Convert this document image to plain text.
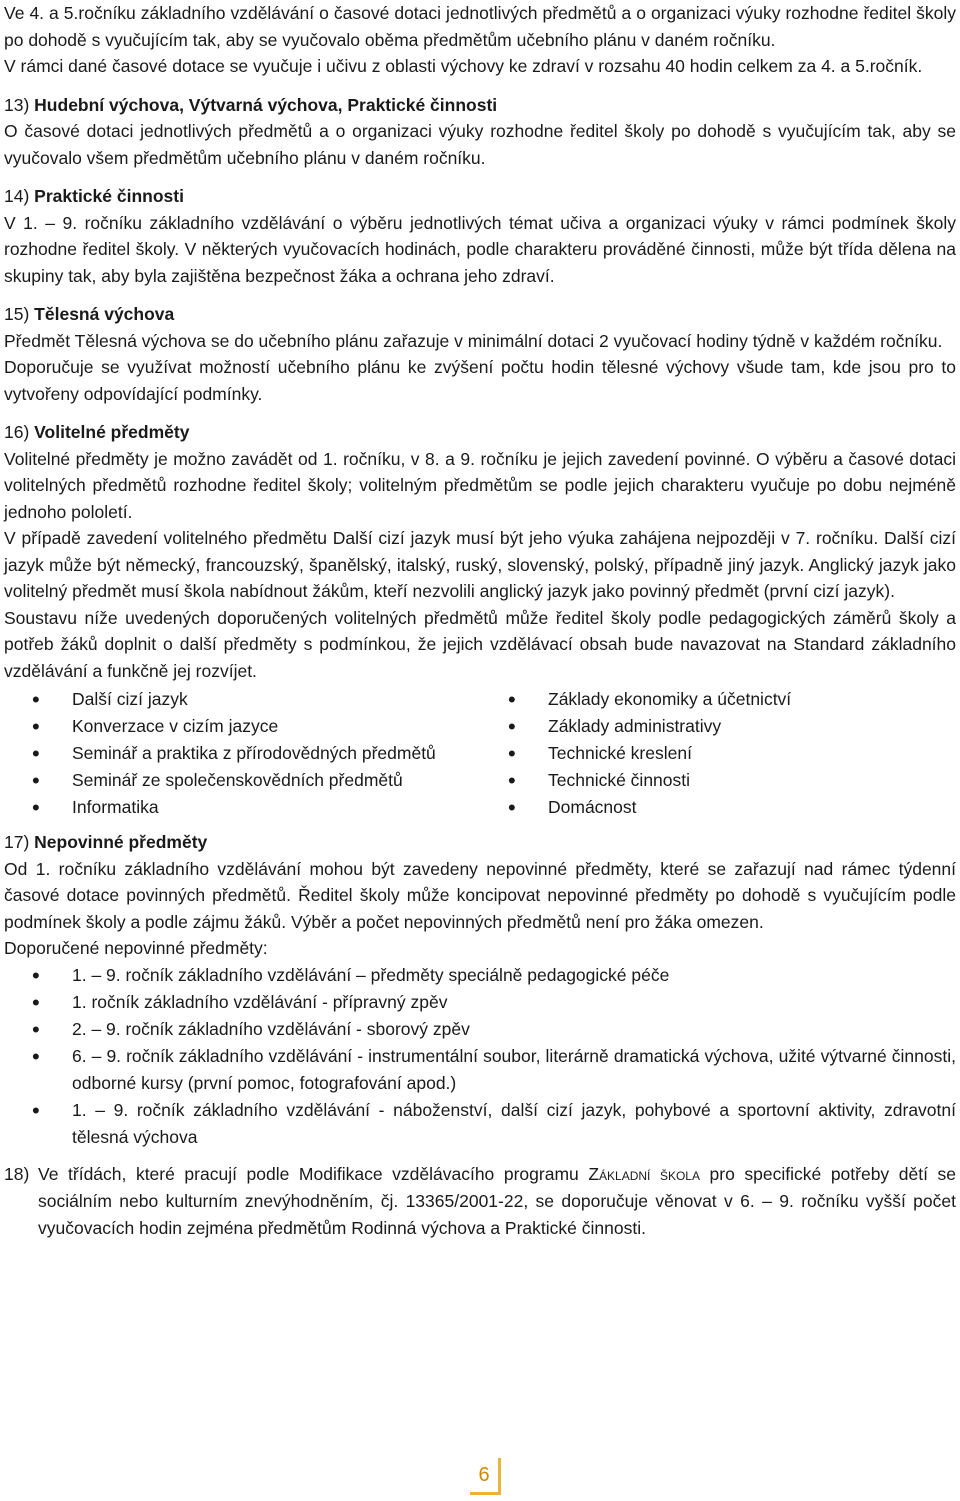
Ve 4. a 5.ročníku základního vzdělávání o časové dotaci jednotlivých předmětů a o organizaci výuky rozhodne ředitel školy po dohodě s vyučujícím tak, aby se vyučovalo oběma předmětům učebního plánu v daném ročníku.

V rámci dané časové dotace se vyučuje i učivu z oblasti výchovy ke zdraví v rozsahu 40 hodin celkem za 4. a 5.ročník.

13) Hudební výchova, Výtvarná výchova, Praktické činnosti

O časové dotaci jednotlivých předmětů a o organizaci výuky rozhodne ředitel školy po dohodě s vyučujícím tak, aby se vyučovalo všem předmětům učebního plánu v daném ročníku.

14) Praktické činnosti

V 1. – 9. ročníku základního vzdělávání o výběru jednotlivých témat učiva a organizaci výuky v rámci podmínek školy rozhodne ředitel školy. V některých vyučovacích hodinách, podle charakteru prováděné činnosti, může být třída dělena na skupiny tak, aby byla zajištěna bezpečnost žáka a ochrana jeho zdraví.

15) Tělesná výchova

Předmět Tělesná výchova se do učebního plánu zařazuje v minimální dotaci 2 vyučovací hodiny týdně v každém ročníku.

Doporučuje se využívat možností učebního plánu ke zvýšení počtu hodin tělesné výchovy všude tam, kde jsou pro to vytvořeny odpovídající podmínky.

16) Volitelné předměty

Volitelné předměty je možno zavádět od 1. ročníku, v 8. a 9. ročníku je jejich zavedení povinné. O výběru a časové dotaci volitelných předmětů rozhodne ředitel školy; volitelným předmětům se podle jejich charakteru vyučuje po dobu nejméně jednoho pololetí.

V případě zavedení volitelného předmětu Další cizí jazyk musí být jeho výuka zahájena nejpozději v 7. ročníku. Další cizí jazyk může být německý, francouzský, španělský, italský, ruský, slovenský, polský, případně jiný jazyk. Anglický jazyk jako volitelný předmět musí škola nabídnout žákům, kteří nezvolili anglický jazyk jako povinný předmět (první cizí jazyk).

Soustavu níže uvedených doporučených volitelných předmětů může ředitel školy podle pedagogických záměrů školy a potřeb žáků doplnit o další předměty s podmínkou, že jejich vzdělávací obsah bude navazovat na Standard základního vzdělávání a funkčně jej rozvíjet.

• Další cizí jazyk
• Konverzace v cizím jazyce
• Seminář a praktika z přírodovědných předmětů
• Seminář ze společenskovědních předmětů
• Informatika
• Základy ekonomiky a účetnictví
• Základy administrativy
• Technické kreslení
• Technické činnosti
• Domácnost

17) Nepovinné předměty

Od 1. ročníku základního vzdělávání mohou být zavedeny nepovinné předměty, které se zařazují nad rámec týdenní časové dotace povinných předmětů. Ředitel školy může koncipovat nepovinné předměty po dohodě s vyučujícím podle podmínek školy a podle zájmu žáků. Výběr a počet nepovinných předmětů není pro žáka omezen.

Doporučené nepovinné předměty:

• 1. – 9. ročník základního vzdělávání – předměty speciálně pedagogické péče
• 1. ročník základního vzdělávání - přípravný zpěv
• 2. – 9. ročník základního vzdělávání - sborový zpěv
• 6. – 9. ročník základního vzdělávání - instrumentální soubor, literárně dramatická výchova, užité výtvarné činnosti, odborné kursy (první pomoc, fotografování apod.)
• 1. – 9. ročník základního vzdělávání - náboženství, další cizí jazyk, pohybové a sportovní aktivity, zdravotní tělesná výchova
18) Ve třídách, které pracují podle Modifikace vzdělávacího programu Základní škola pro specifické potřeby dětí se sociálním nebo kulturním znevýhodněním, čj. 13365/2001-22, se doporučuje věnovat v 6. – 9. ročníku vyšší počet vyučovacích hodin zejména předmětům Rodinná výchova a Praktické činnosti.
6
